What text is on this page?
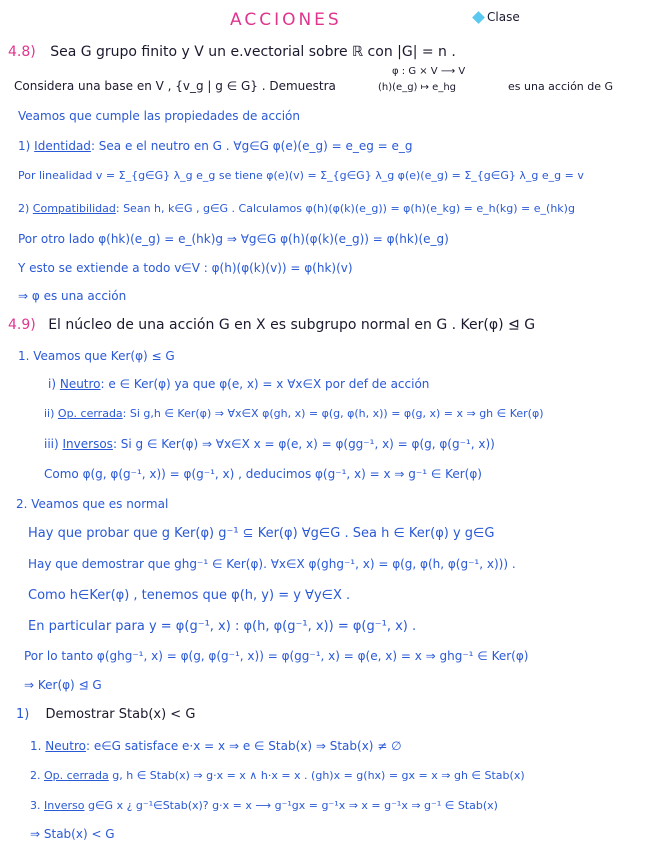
ACCIONES	Clase
4.8) Sea G grupo finito y V un e.vectorial sobre ℝ con |G| = n .
Considera una base en V , {v_g | g ∈ G} . Demuestra
φ : G × V ⟶ V
(h)(e_g) ↦ e_hg	es una acción de G
Veamos que cumple las propiedades de acción
1) Identidad: Sea e el neutro en G . ∀g∈G φ(e)(e_g) = e_eg = e_g
Por linealidad v = Σ_{g∈G} λ_g e_g se tiene φ(e)(v) = Σ_{g∈G} λ_g φ(e)(e_g) = Σ_{g∈G} λ_g e_g = v
2) Compatibilidad: Sean h, k∈G , g∈G . Calculamos φ(h)(φ(k)(e_g)) = φ(h)(e_kg) = e_h(kg) = e_(hk)g
Por otro lado φ(hk)(e_g) = e_(hk)g ⇒ ∀g∈G φ(h)(φ(k)(e_g)) = φ(hk)(e_g)
Y esto se extiende a todo v∈V : φ(h)(φ(k)(v)) = φ(hk)(v)
⇒ φ es una acción
4.9) El núcleo de una acción G en X es subgrupo normal en G . Ker(φ) ⊴ G
1. Veamos que Ker(φ) ≤ G
i) Neutro: e ∈ Ker(φ) ya que φ(e, x) = x ∀x∈X por def de acción
ii) Op. cerrada: Si g,h ∈ Ker(φ) ⇒ ∀x∈X φ(gh, x) = φ(g, φ(h, x)) = φ(g, x) = x ⇒ gh ∈ Ker(φ)
iii) Inversos: Si g ∈ Ker(φ) ⇒ ∀x∈X x = φ(e, x) = φ(gg⁻¹, x) = φ(g, φ(g⁻¹, x))
Como φ(g, φ(g⁻¹, x)) = φ(g⁻¹, x) , deducimos φ(g⁻¹, x) = x ⇒ g⁻¹ ∈ Ker(φ)
2. Veamos que es normal
Hay que probar que g Ker(φ) g⁻¹ ⊆ Ker(φ) ∀g∈G . Sea h ∈ Ker(φ) y g∈G
Hay que demostrar que ghg⁻¹ ∈ Ker(φ). ∀x∈X φ(ghg⁻¹, x) = φ(g, φ(h, φ(g⁻¹, x))) .
Como h∈Ker(φ) , tenemos que φ(h, y) = y ∀y∈X .
En particular para y = φ(g⁻¹, x) : φ(h, φ(g⁻¹, x)) = φ(g⁻¹, x) .
Por lo tanto φ(ghg⁻¹, x) = φ(g, φ(g⁻¹, x)) = φ(gg⁻¹, x) = φ(e, x) = x ⇒ ghg⁻¹ ∈ Ker(φ)
⇒ Ker(φ) ⊴ G
1) Demostrar Stab(x) < G
1. Neutro: e∈G satisface e·x = x ⇒ e ∈ Stab(x) ⇒ Stab(x) ≠ ∅
2. Op. cerrada g, h ∈ Stab(x) ⇒ g·x = x ∧ h·x = x . (gh)x = g(hx) = gx = x ⇒ gh ∈ Stab(x)
3. Inverso g∈G x ¿ g⁻¹∈Stab(x)? g·x = x ⟶ g⁻¹gx = g⁻¹x ⇒ x = g⁻¹x ⇒ g⁻¹ ∈ Stab(x)
⇒ Stab(x) < G
